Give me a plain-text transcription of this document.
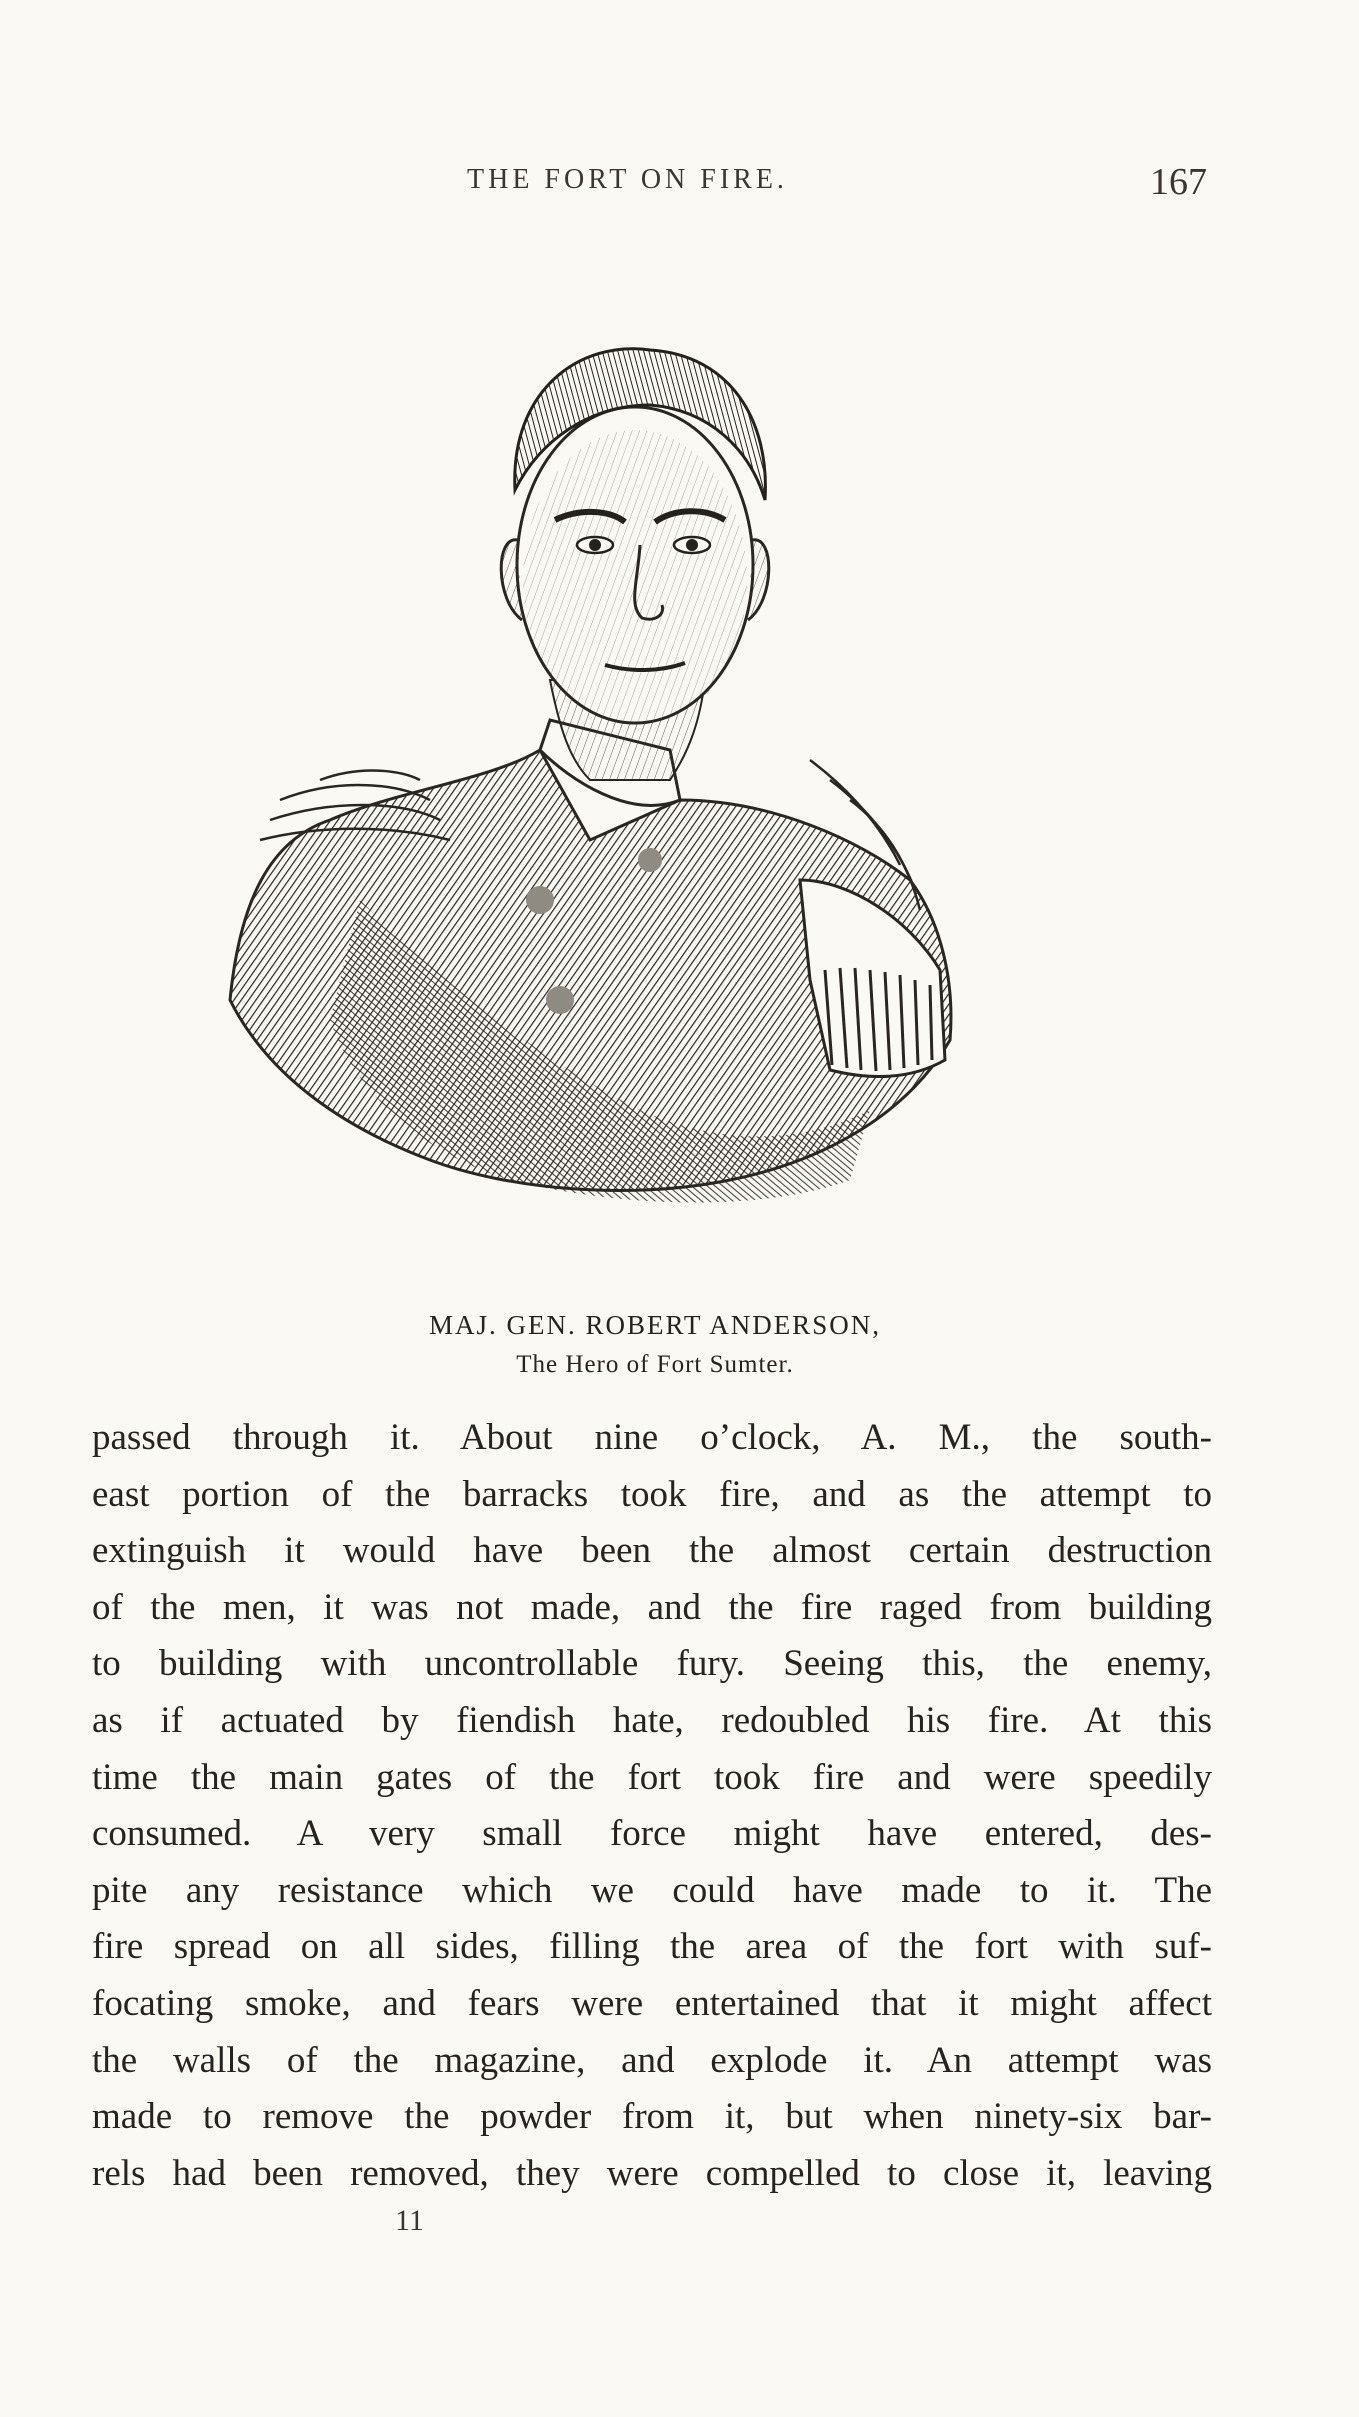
THE FORT ON FIRE.	167
MAJ. GEN. ROBERT ANDERSON,
The Hero of Fort Sumter.
passed through it. About nine o’clock, A. M., the south-
east portion of the barracks took fire, and as the attempt to
extinguish it would have been the almost certain destruction
of the men, it was not made, and the fire raged from building
to building with uncontrollable fury. Seeing this, the enemy,
as if actuated by fiendish hate, redoubled his fire. At this
time the main gates of the fort took fire and were speedily
consumed. A very small force might have entered, des-
pite any resistance which we could have made to it. The
fire spread on all sides, filling the area of the fort with suf-
focating smoke, and fears were entertained that it might affect
the walls of the magazine, and explode it. An attempt was
made to remove the powder from it, but when ninety-six bar-
rels had been removed, they were compelled to close it, leaving
11
